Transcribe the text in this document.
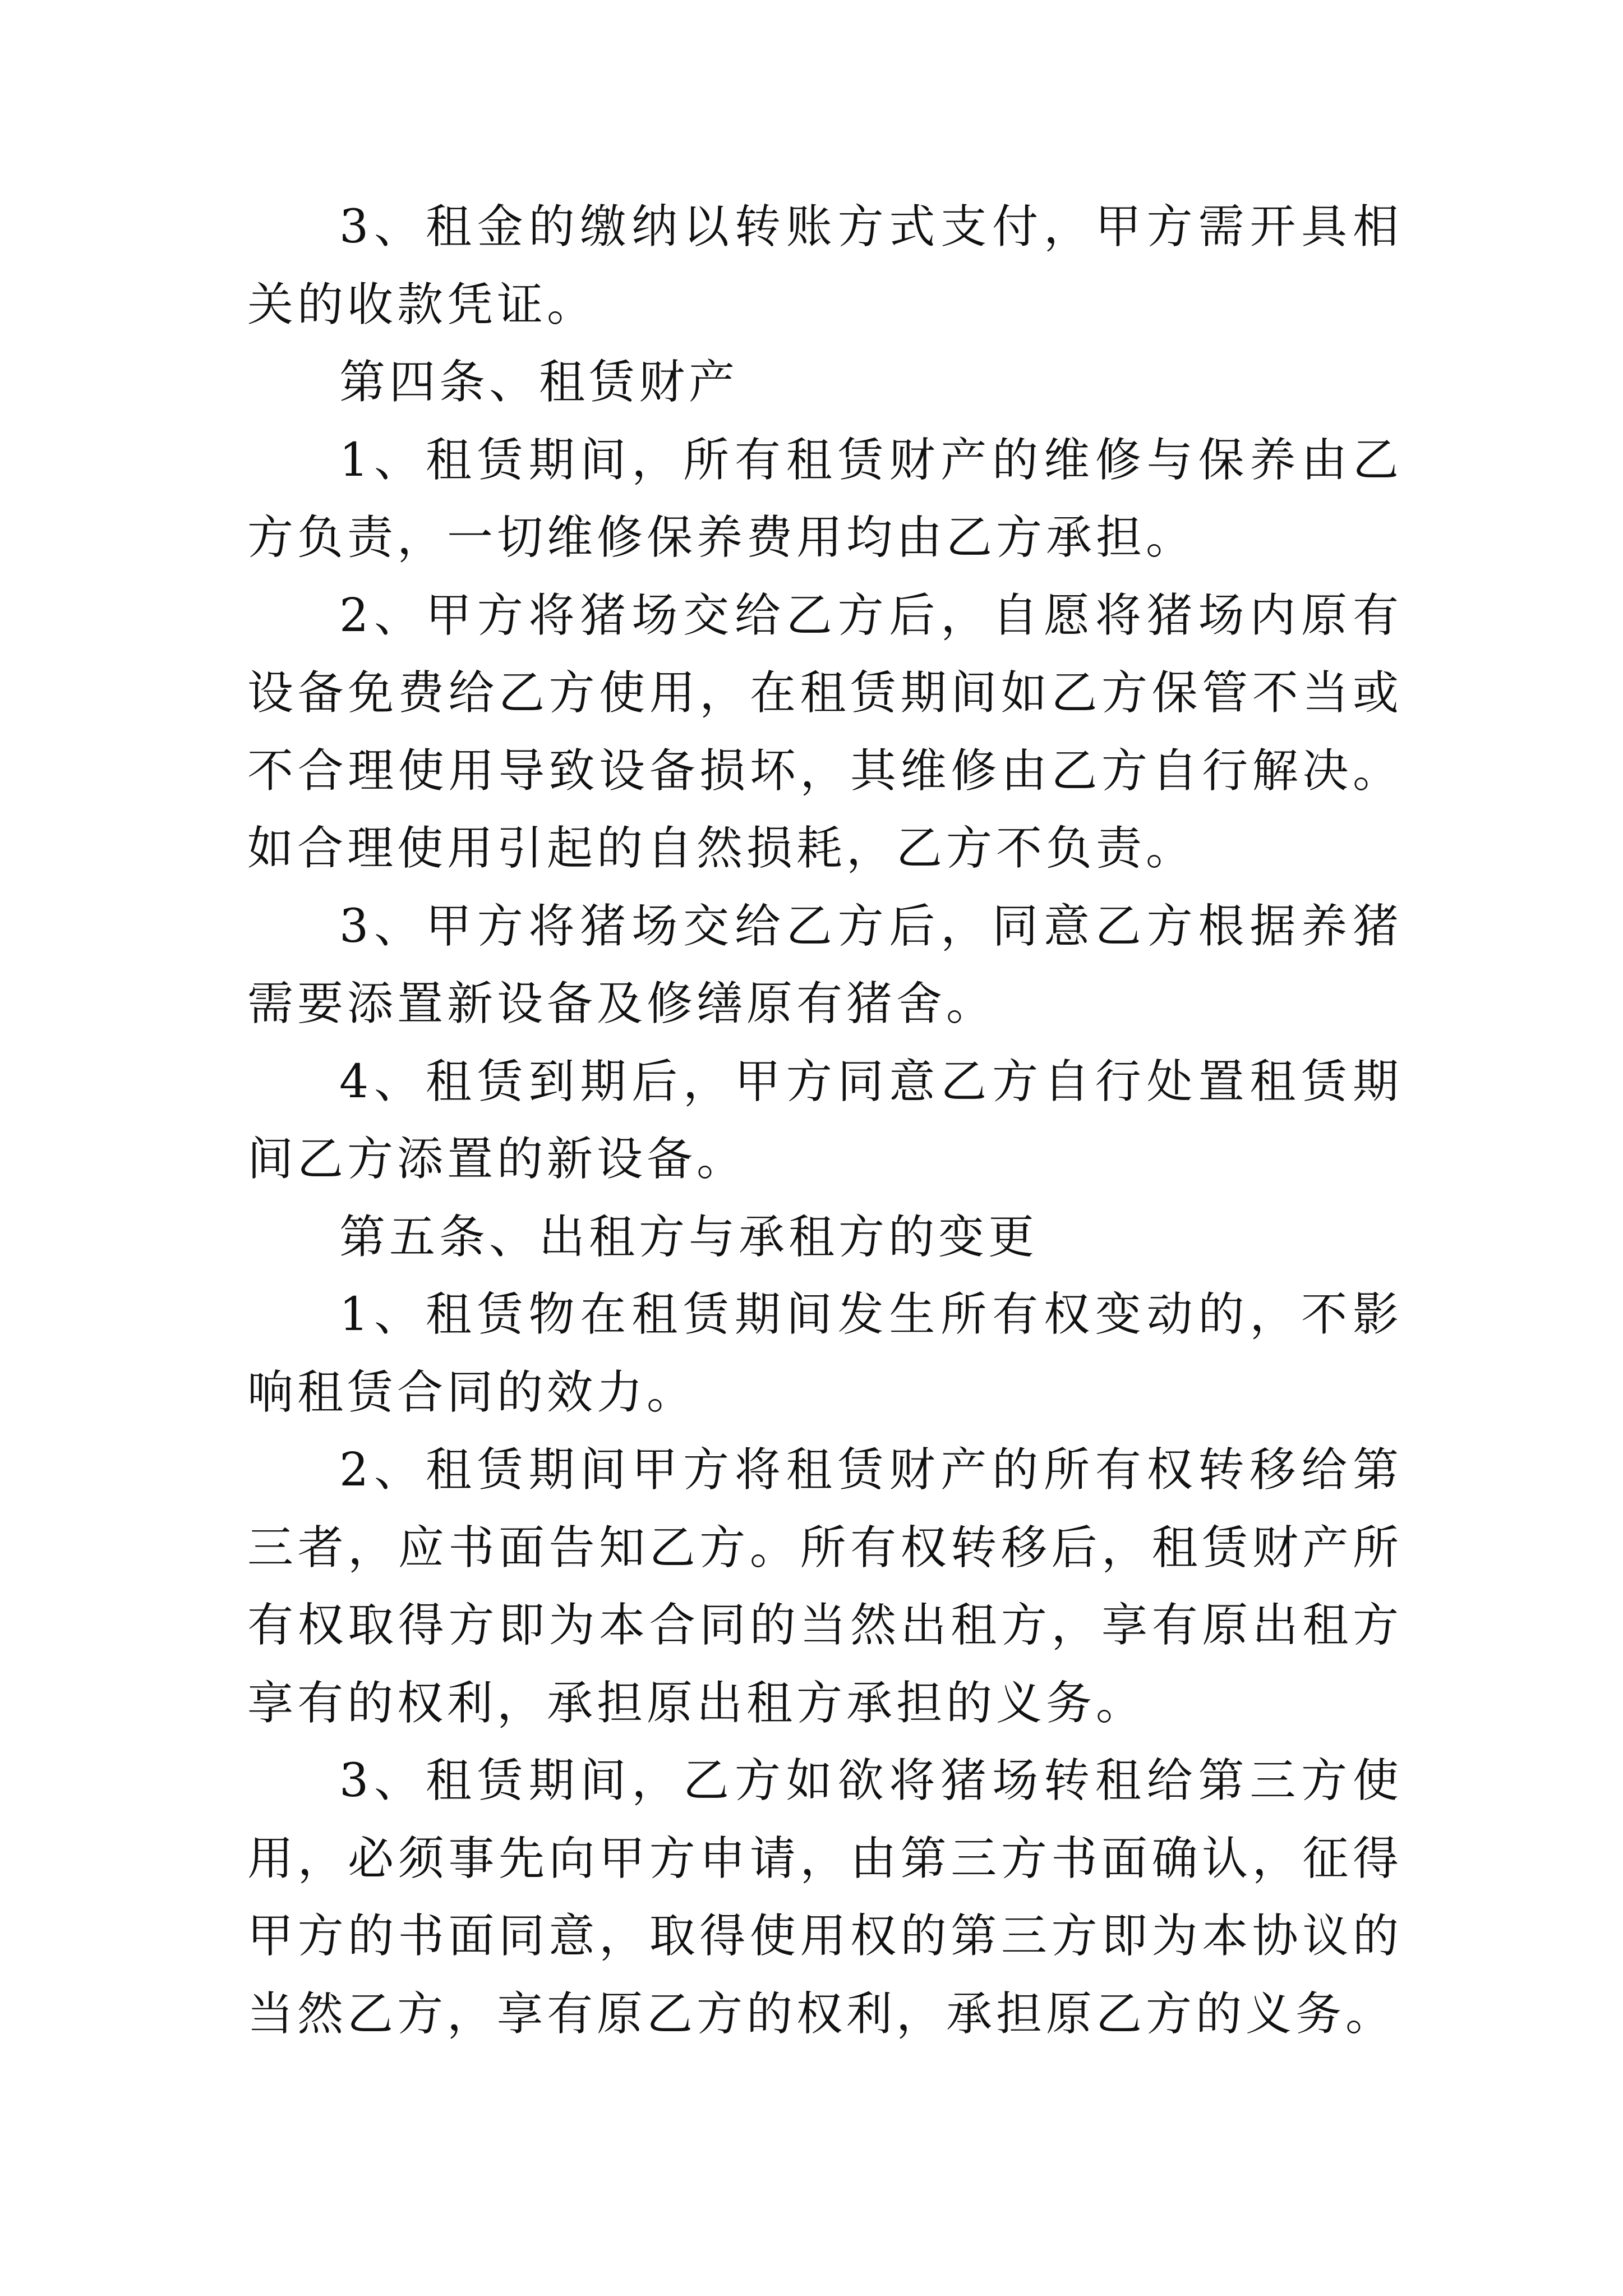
3、租金的缴纳以转账方式支付，甲方需开具相关的收款凭证。

第四条、租赁财产

1、租赁期间，所有租赁财产的维修与保养由乙方负责，一切维修保养费用均由乙方承担。

2、甲方将猪场交给乙方后，自愿将猪场内原有设备免费给乙方使用，在租赁期间如乙方保管不当或不合理使用导致设备损坏，其维修由乙方自行解决。如合理使用引起的自然损耗，乙方不负责。

3、甲方将猪场交给乙方后，同意乙方根据养猪需要添置新设备及修缮原有猪舍。

4、租赁到期后，甲方同意乙方自行处置租赁期间乙方添置的新设备。

第五条、出租方与承租方的变更

1、租赁物在租赁期间发生所有权变动的，不影响租赁合同的效力。

2、租赁期间甲方将租赁财产的所有权转移给第三者，应书面告知乙方。所有权转移后，租赁财产所有权取得方即为本合同的当然出租方，享有原出租方享有的权利，承担原出租方承担的义务。

3、租赁期间，乙方如欲将猪场转租给第三方使用，必须事先向甲方申请，由第三方书面确认，征得甲方的书面同意，取得使用权的第三方即为本协议的当然乙方，享有原乙方的权利，承担原乙方的义务。
